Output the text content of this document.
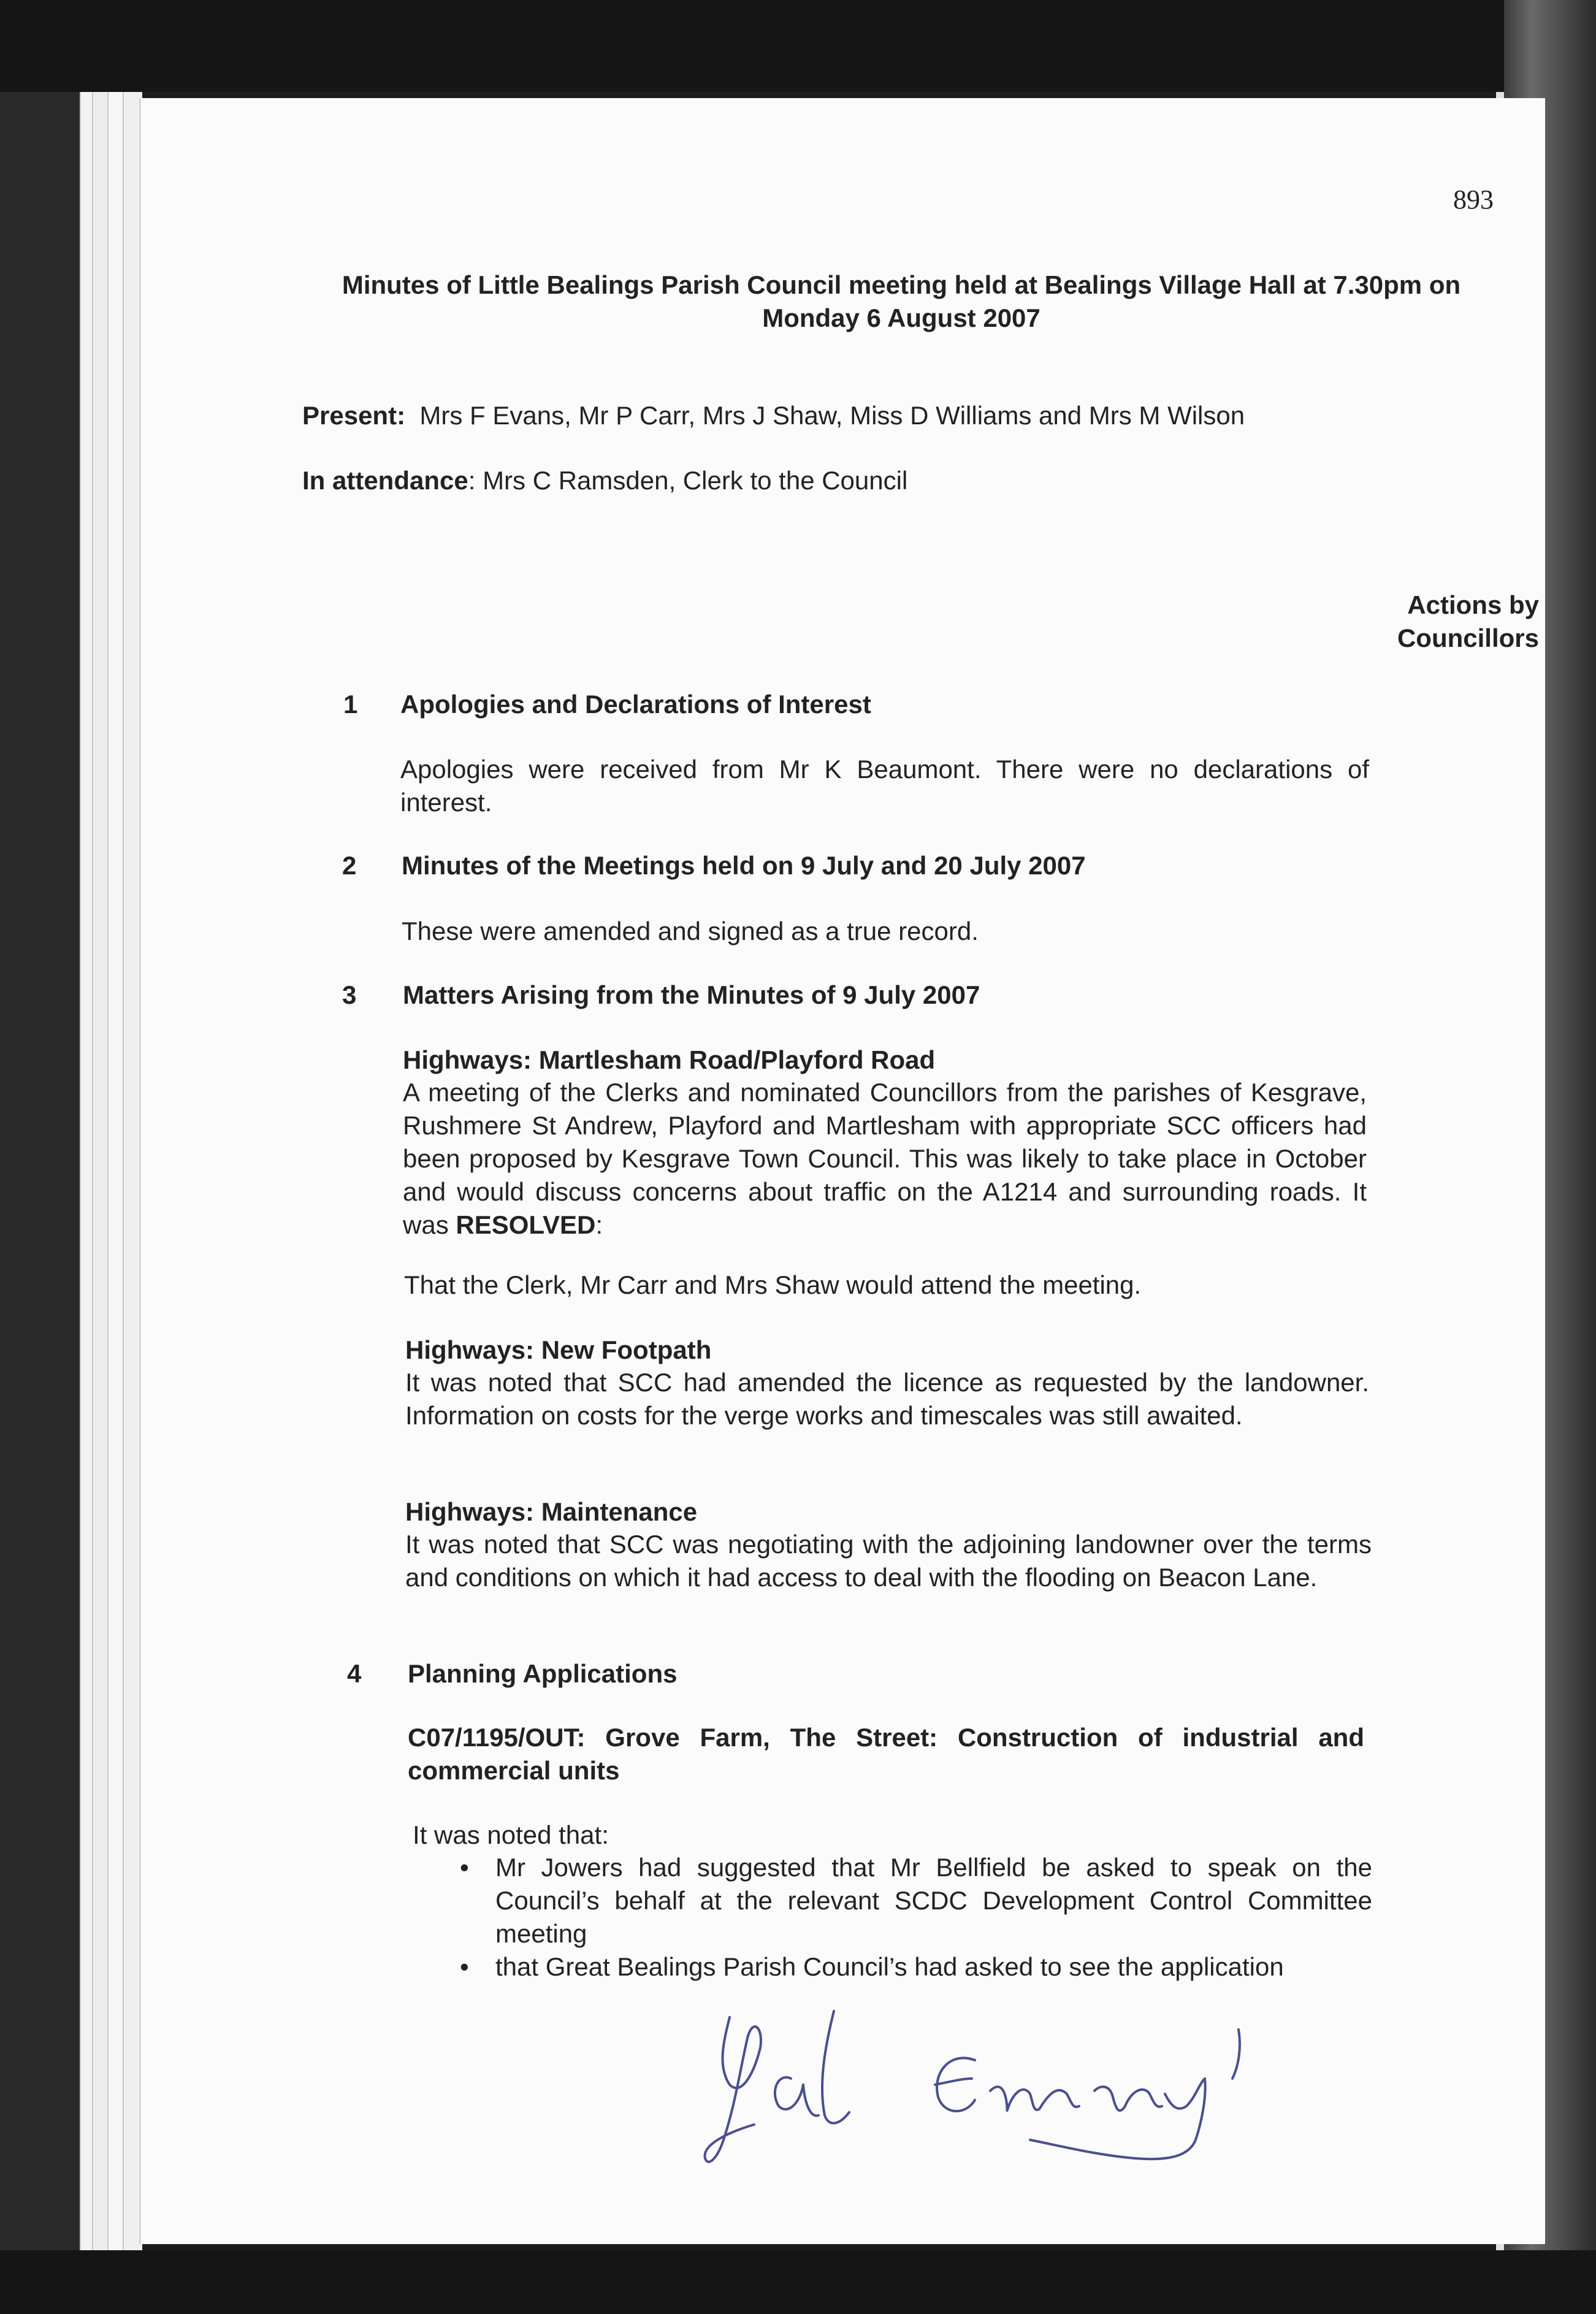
893
Minutes of Little Bealings Parish Council meeting held at Bealings Village Hall at 7.30pm on Monday 6 August 2007
Present: Mrs F Evans, Mr P Carr, Mrs J Shaw, Miss D Williams and Mrs M Wilson
In attendance: Mrs C Ramsden, Clerk to the Council
Actions by
Councillors
1 Apologies and Declarations of Interest
Apologies were received from Mr K Beaumont. There were no declarations of interest.
2 Minutes of the Meetings held on 9 July and 20 July 2007
These were amended and signed as a true record.
3 Matters Arising from the Minutes of 9 July 2007
Highways: Martlesham Road/Playford Road
A meeting of the Clerks and nominated Councillors from the parishes of Kesgrave, Rushmere St Andrew, Playford and Martlesham with appropriate SCC officers had been proposed by Kesgrave Town Council. This was likely to take place in October and would discuss concerns about traffic on the A1214 and surrounding roads. It was RESOLVED:
That the Clerk, Mr Carr and Mrs Shaw would attend the meeting.
Highways: New Footpath
It was noted that SCC had amended the licence as requested by the landowner. Information on costs for the verge works and timescales was still awaited.
Highways: Maintenance
It was noted that SCC was negotiating with the adjoining landowner over the terms and conditions on which it had access to deal with the flooding on Beacon Lane.
4 Planning Applications
C07/1195/OUT: Grove Farm, The Street: Construction of industrial and commercial units
It was noted that:
• Mr Jowers had suggested that Mr Bellfield be asked to speak on the Council’s behalf at the relevant SCDC Development Control Committee meeting
• that Great Bealings Parish Council’s had asked to see the application
